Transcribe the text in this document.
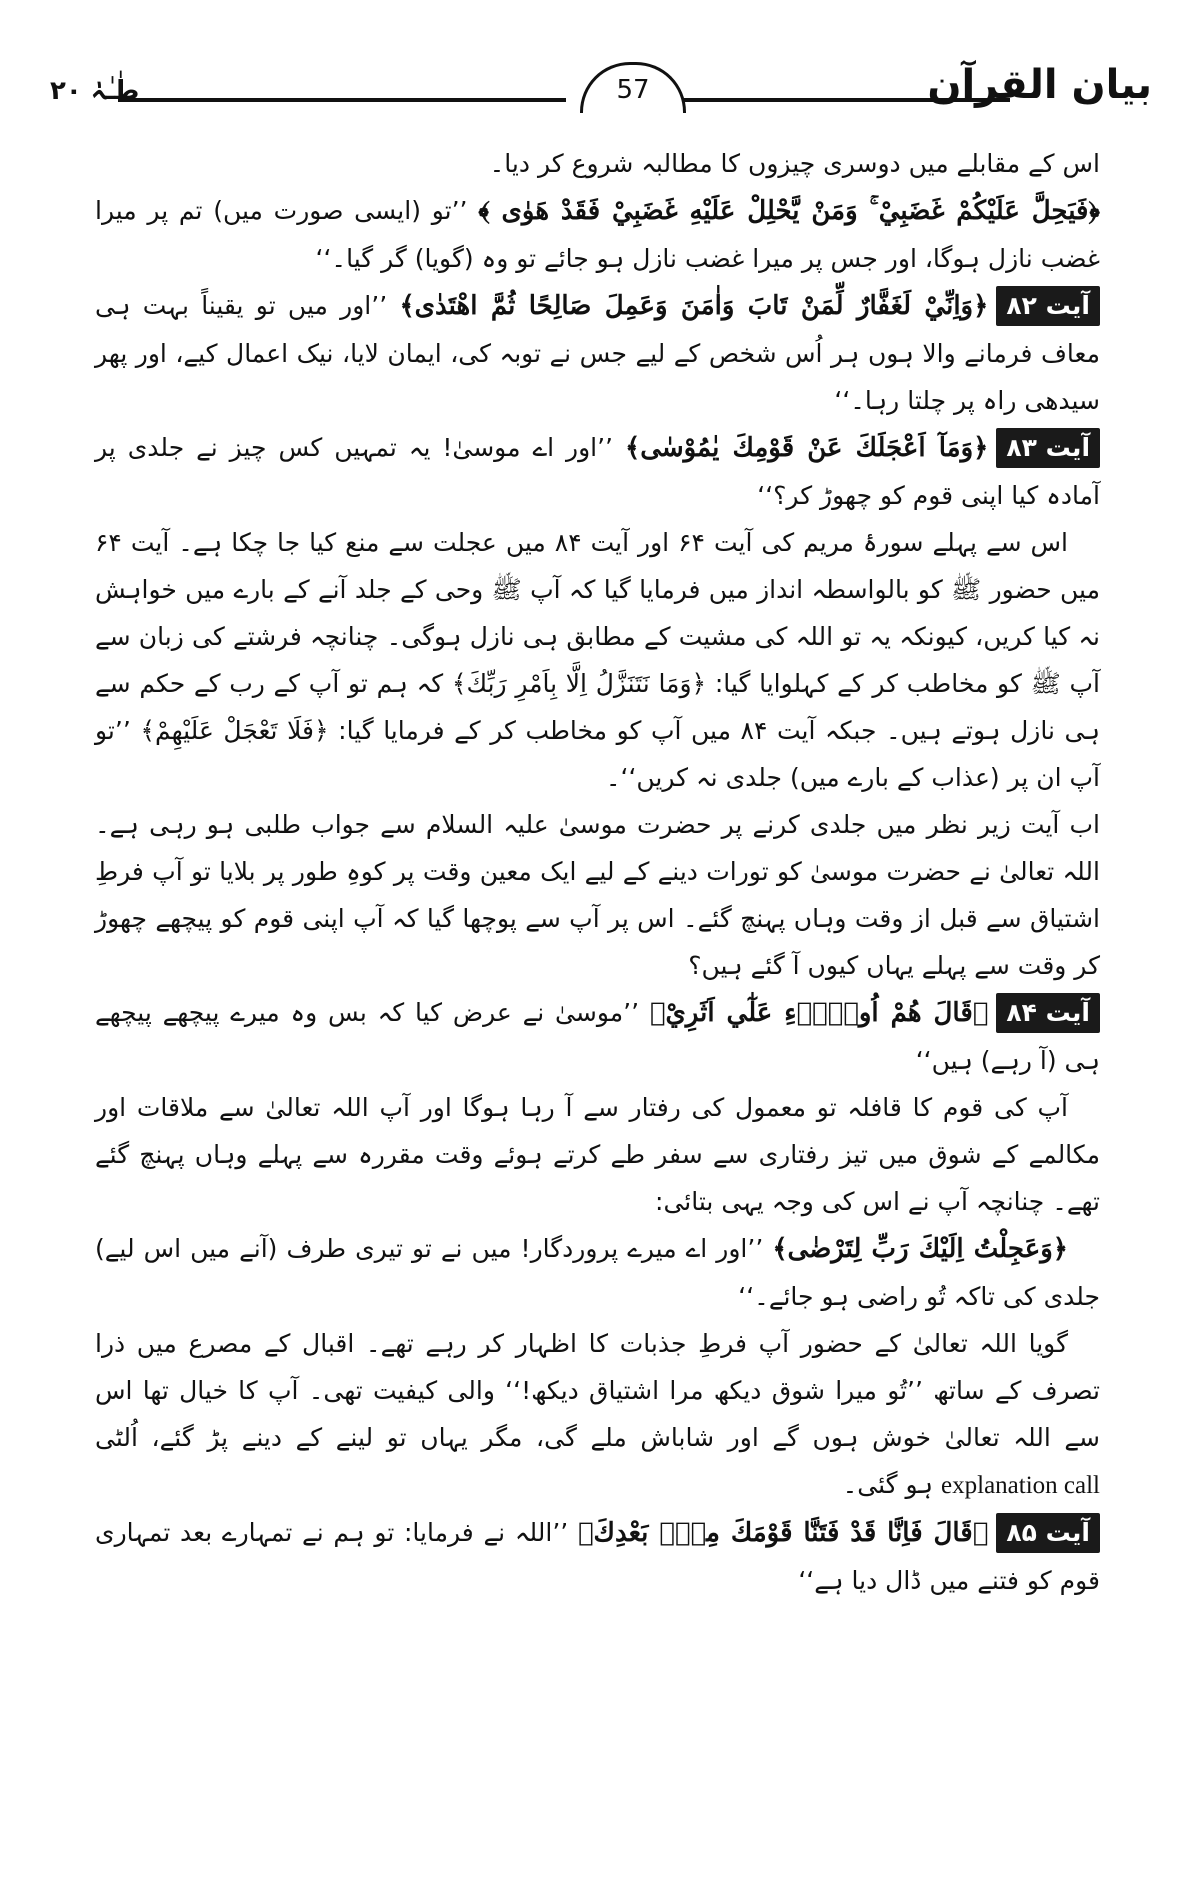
بیان القرآن
57
طٰـٰہٰ ۲۰

اس کے مقابلے میں دوسری چیزوں کا مطالبہ شروع کر دیا۔

﴿فَيَحِلَّ عَلَيْكُمْ غَضَبِيْ ۚ وَمَنْ يَّحْلِلْ عَلَيْهِ غَضَبِيْ فَقَدْ هَوٰى ﴾ ’’تو (ایسی صورت میں) تم پر میرا غضب نازل ہوگا، اور جس پر میرا غضب نازل ہو جائے تو وہ (گویا) گر گیا۔‘‘

آیت ۸۲﴿وَاِنِّيْ لَغَفَّارٌ لِّمَنْ تَابَ وَاٰمَنَ وَعَمِلَ صَالِحًا ثُمَّ اهْتَدٰى﴾ ’’اور میں تو یقیناً بہت ہی معاف فرمانے والا ہوں ہر اُس شخص کے لیے جس نے توبہ کی، ایمان لایا، نیک اعمال کیے، اور پھر سیدھی راہ پر چلتا رہا۔‘‘

آیت ۸۳﴿وَمَآ اَعْجَلَكَ عَنْ قَوْمِكَ يٰمُوْسٰى﴾ ’’اور اے موسیٰ! یہ تمہیں کس چیز نے جلدی پر آمادہ کیا اپنی قوم کو چھوڑ کر؟‘‘

اس سے پہلے سورۂ مریم کی آیت ۶۴ اور آیت ۸۴ میں عجلت سے منع کیا جا چکا ہے۔ آیت ۶۴ میں حضور ﷺ کو بالواسطہ انداز میں فرمایا گیا کہ آپ ﷺ وحی کے جلد آنے کے بارے میں خواہش نہ کیا کریں، کیونکہ یہ تو اللہ کی مشیت کے مطابق ہی نازل ہوگی۔ چنانچہ فرشتے کی زبان سے آپ ﷺ کو مخاطب کر کے کہلوایا گیا: ﴿وَمَا نَتَنَزَّلُ اِلَّا بِاَمْرِ رَبِّكَ﴾ کہ ہم تو آپ کے رب کے حکم سے ہی نازل ہوتے ہیں۔ جبکہ آیت ۸۴ میں آپ کو مخاطب کر کے فرمایا گیا: ﴿فَلَا تَعْجَلْ عَلَيْهِمْ﴾ ’’تو آپ ان پر (عذاب کے بارے میں) جلدی نہ کریں‘‘۔

اب آیت زیر نظر میں جلدی کرنے پر حضرت موسیٰ علیہ السلام سے جواب طلبی ہو رہی ہے۔ اللہ تعالیٰ نے حضرت موسیٰ کو تورات دینے کے لیے ایک معین وقت پر کوہِ طور پر بلایا تو آپ فرطِ اشتیاق سے قبل از وقت وہاں پہنچ گئے۔ اس پر آپ سے پوچھا گیا کہ آپ اپنی قوم کو پیچھے چھوڑ کر وقت سے پہلے یہاں کیوں آ گئے ہیں؟

آیت ۸۴﴿قَالَ هُمْ اُولَاۗءِ عَلٰٓي اَثَرِيْ﴾ ’’موسیٰ نے عرض کیا کہ بس وہ میرے پیچھے پیچھے ہی (آ رہے) ہیں‘‘

آپ کی قوم کا قافلہ تو معمول کی رفتار سے آ رہا ہوگا اور آپ اللہ تعالیٰ سے ملاقات اور مکالمے کے شوق میں تیز رفتاری سے سفر طے کرتے ہوئے وقت مقررہ سے پہلے وہاں پہنچ گئے تھے۔ چنانچہ آپ نے اس کی وجہ یہی بتائی:

﴿وَعَجِلْتُ اِلَيْكَ رَبِّ لِتَرْضٰى﴾ ’’اور اے میرے پروردگار! میں نے تو تیری طرف (آنے میں اس لیے) جلدی کی تاکہ تُو راضی ہو جائے۔‘‘

گویا اللہ تعالیٰ کے حضور آپ فرطِ جذبات کا اظہار کر رہے تھے۔ اقبال کے مصرع میں ذرا تصرف کے ساتھ ’’تُو میرا شوق دیکھ مرا اشتیاق دیکھ!‘‘ والی کیفیت تھی۔ آپ کا خیال تھا اس سے اللہ تعالیٰ خوش ہوں گے اور شاباش ملے گی، مگر یہاں تو لینے کے دینے پڑ گئے، اُلٹی explanation call ہو گئی۔

آیت ۸۵﴿قَالَ فَاِنَّا قَدْ فَتَنَّا قَوْمَكَ مِنْۢ بَعْدِكَ﴾ ’’اللہ نے فرمایا: تو ہم نے تمہارے بعد تمہاری قوم کو فتنے میں ڈال دیا ہے‘‘
